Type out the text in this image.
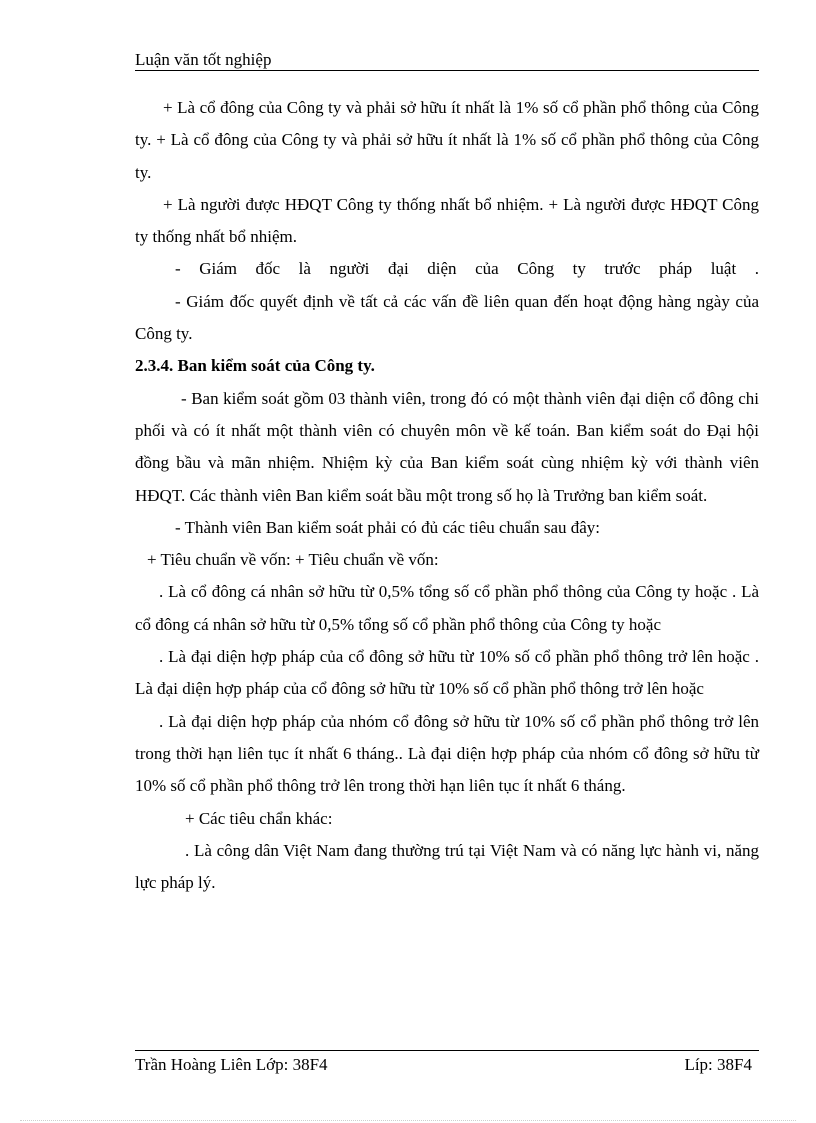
Luận văn tốt nghiệp

+ Là cổ đông của Công ty và phải sở hữu ít nhất là 1% số cổ phần phổ thông của Công ty. + Là cổ đông của Công ty và phải sở hữu ít nhất là 1% số cổ phần phổ thông của Công ty.

+ Là người được HĐQT Công ty thống nhất bổ nhiệm. + Là người được HĐQT Công ty thống nhất bổ nhiệm.

- Giám đốc là người đại diện của Công ty trước pháp luật .

- Giám đốc quyết định về tất cả các vấn đề liên quan đến hoạt động hàng ngày của Công ty.

2.3.4. Ban kiểm soát của Công ty.

- Ban kiểm soát gồm 03 thành viên, trong đó có một thành viên đại diện cổ đông chi phối và có ít nhất một thành viên có chuyên môn về kế toán. Ban kiểm soát do Đại hội đồng bầu và mãn nhiệm. Nhiệm kỳ của Ban kiểm soát cùng nhiệm kỳ với thành viên HĐQT. Các thành viên Ban kiểm soát bầu một trong số họ là Trưởng ban kiểm soát.

- Thành viên Ban kiểm soát phải có đủ các tiêu chuẩn sau đây:

+ Tiêu chuẩn về vốn: + Tiêu chuẩn về vốn:

. Là cổ đông cá nhân sở hữu từ 0,5% tổng số cổ phần phổ thông của Công ty hoặc . Là cổ đông cá nhân sở hữu từ 0,5% tổng số cổ phần phổ thông của Công ty hoặc

. Là đại diện hợp pháp của cổ đông sở hữu từ 10% số cổ phần phổ thông trở lên hoặc . Là đại diện hợp pháp của cổ đông sở hữu từ 10% số cổ phần phổ thông trở lên hoặc

. Là đại diện hợp pháp của nhóm cổ đông sở hữu từ 10% số cổ phần phổ thông trở lên trong thời hạn liên tục ít nhất 6 tháng.. Là đại diện hợp pháp của nhóm cổ đông sở hữu từ 10% số cổ phần phổ thông trở lên trong thời hạn liên tục ít nhất 6 tháng.

+ Các tiêu chẩn khác:

. Là công dân Việt Nam đang thường trú tại Việt Nam và có năng lực hành vi, năng lực pháp lý.

Trần Hoàng Liên Lớp: 38F4	Líp: 38F4
